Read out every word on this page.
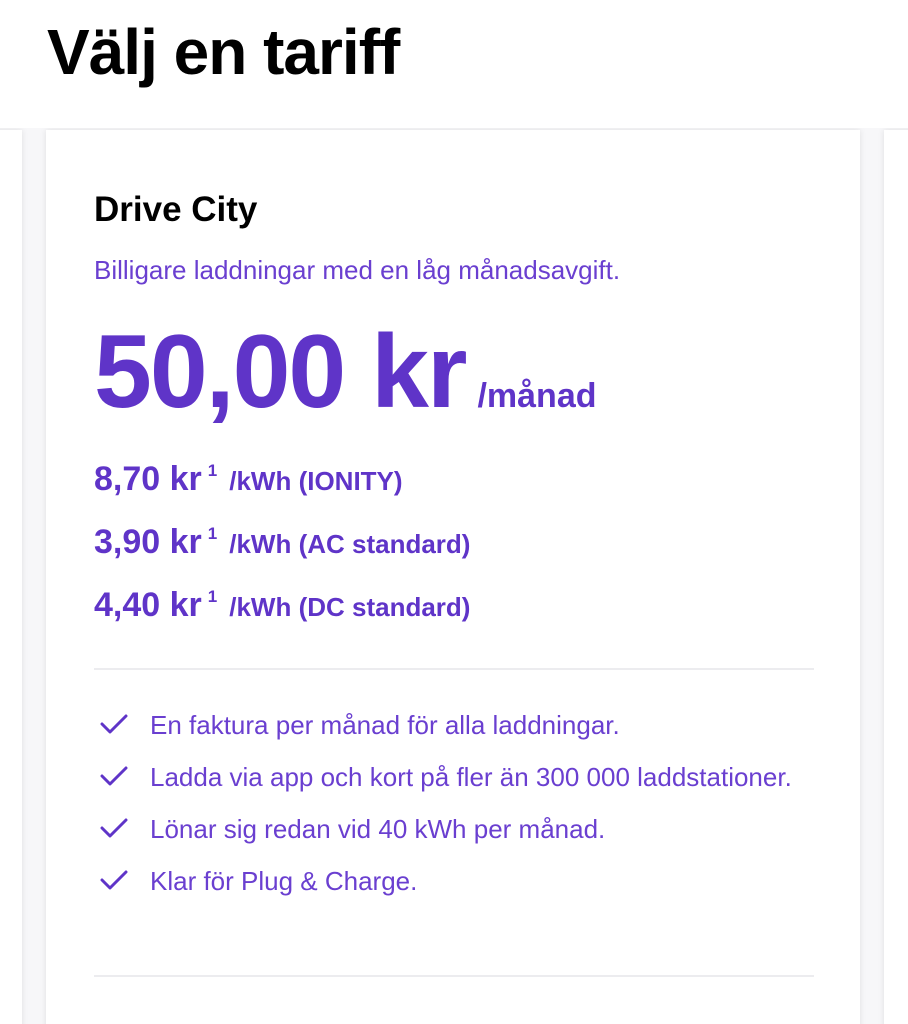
Välj en tariff
Drive City

Billigare laddningar med en låg månadsavgift.

50,00 kr /månad
8,70 kr $^1$ /kWh (IONITY)
3,90 kr $^1$ /kWh (AC standard)
4,40 kr $^1$ /kWh (DC standard)
En faktura per månad för alla laddningar.
Ladda via app och kort på fler än 300 000 laddstationer.
Lönar sig redan vid 40 kWh per månad.
Klar för Plug & Charge.
